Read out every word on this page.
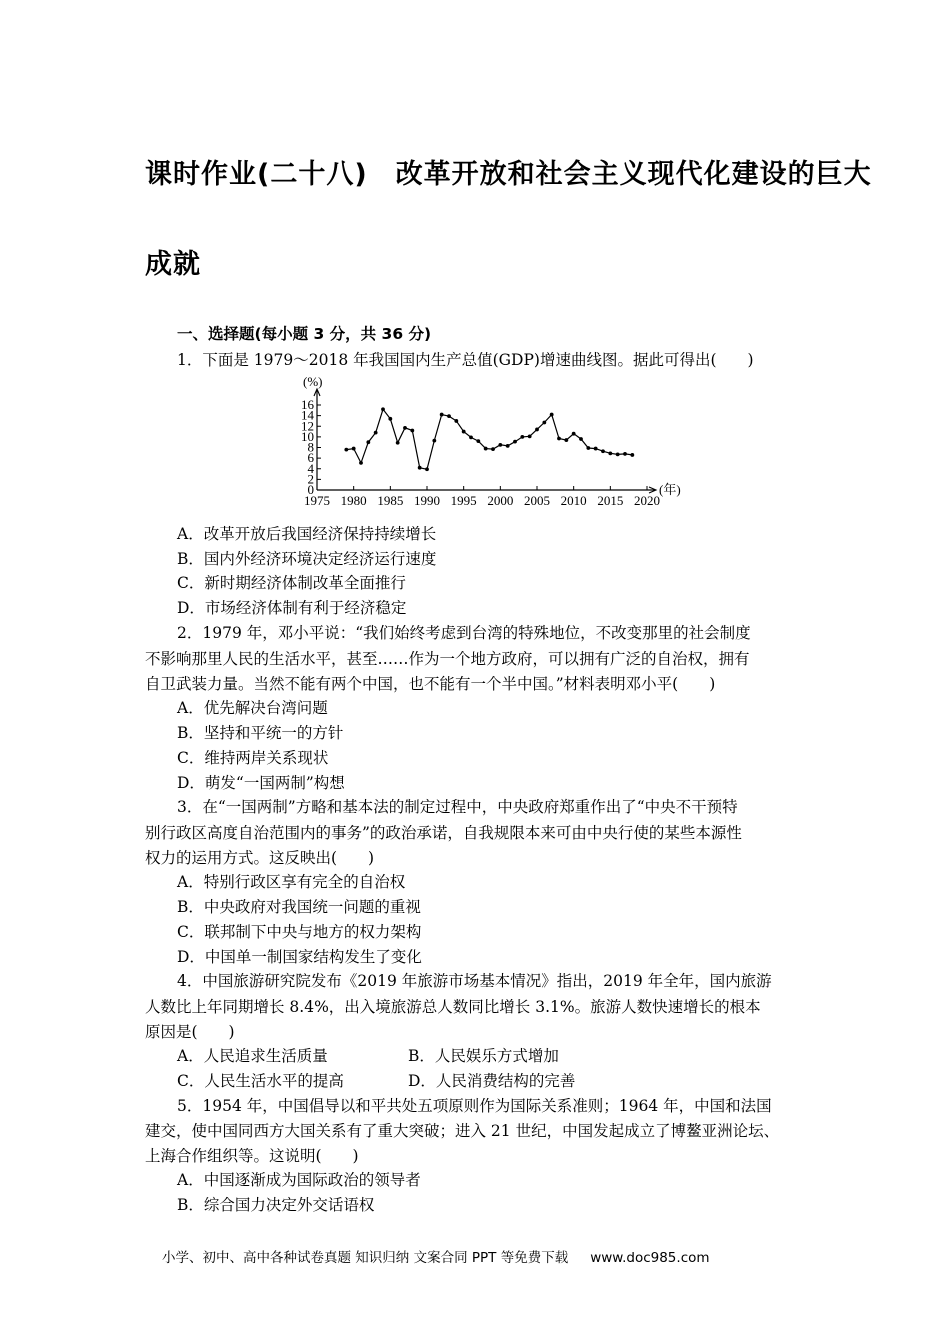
课时作业(二十八)　改革开放和社会主义现代化建设的巨大
成就
一、选择题(每小题 3 分，共 36 分)
1．下面是 1979～2018 年我国国内生产总值(GDP)增速曲线图。据此可得出(　　)
0
2
4
6
8
10
12
14
16
1975 1980 1985 1990 1995 2000 2005 2010 2015 2020
(%)
(年)
A．改革开放后我国经济保持持续增长
B．国内外经济环境决定经济运行速度
C．新时期经济体制改革全面推行
D．市场经济体制有利于经济稳定
2．1979 年，邓小平说：“我们始终考虑到台湾的特殊地位，不改变那里的社会制度
不影响那里人民的生活水平，甚至……作为一个地方政府，可以拥有广泛的自治权，拥有
自卫武装力量。当然不能有两个中国，也不能有一个半中国。”材料表明邓小平(　　)
A．优先解决台湾问题
B．坚持和平统一的方针
C．维持两岸关系现状
D．萌发“一国两制”构想
3．在“一国两制”方略和基本法的制定过程中，中央政府郑重作出了“中央不干预特
别行政区高度自治范围内的事务”的政治承诺，自我规限本来可由中央行使的某些本源性
权力的运用方式。这反映出(　　)
A．特别行政区享有完全的自治权
B．中央政府对我国统一问题的重视
C．联邦制下中央与地方的权力架构
D．中国单一制国家结构发生了变化
4．中国旅游研究院发布《2019 年旅游市场基本情况》指出，2019 年全年，国内旅游
人数比上年同期增长 8.4%，出入境旅游总人数同比增长 3.1%。旅游人数快速增长的根本
原因是(　　)
A．人民追求生活质量	B．人民娱乐方式增加
C．人民生活水平的提高	D．人民消费结构的完善
5．1954 年，中国倡导以和平共处五项原则作为国际关系准则；1964 年，中国和法国
建交，使中国同西方大国关系有了重大突破；进入 21 世纪，中国发起成立了博鳌亚洲论坛、
上海合作组织等。这说明(　　)
A．中国逐渐成为国际政治的领导者
B．综合国力决定外交话语权
小学、初中、高中各种试卷真题 知识归纳 文案合同 PPT 等免费下载 www.doc985.com
